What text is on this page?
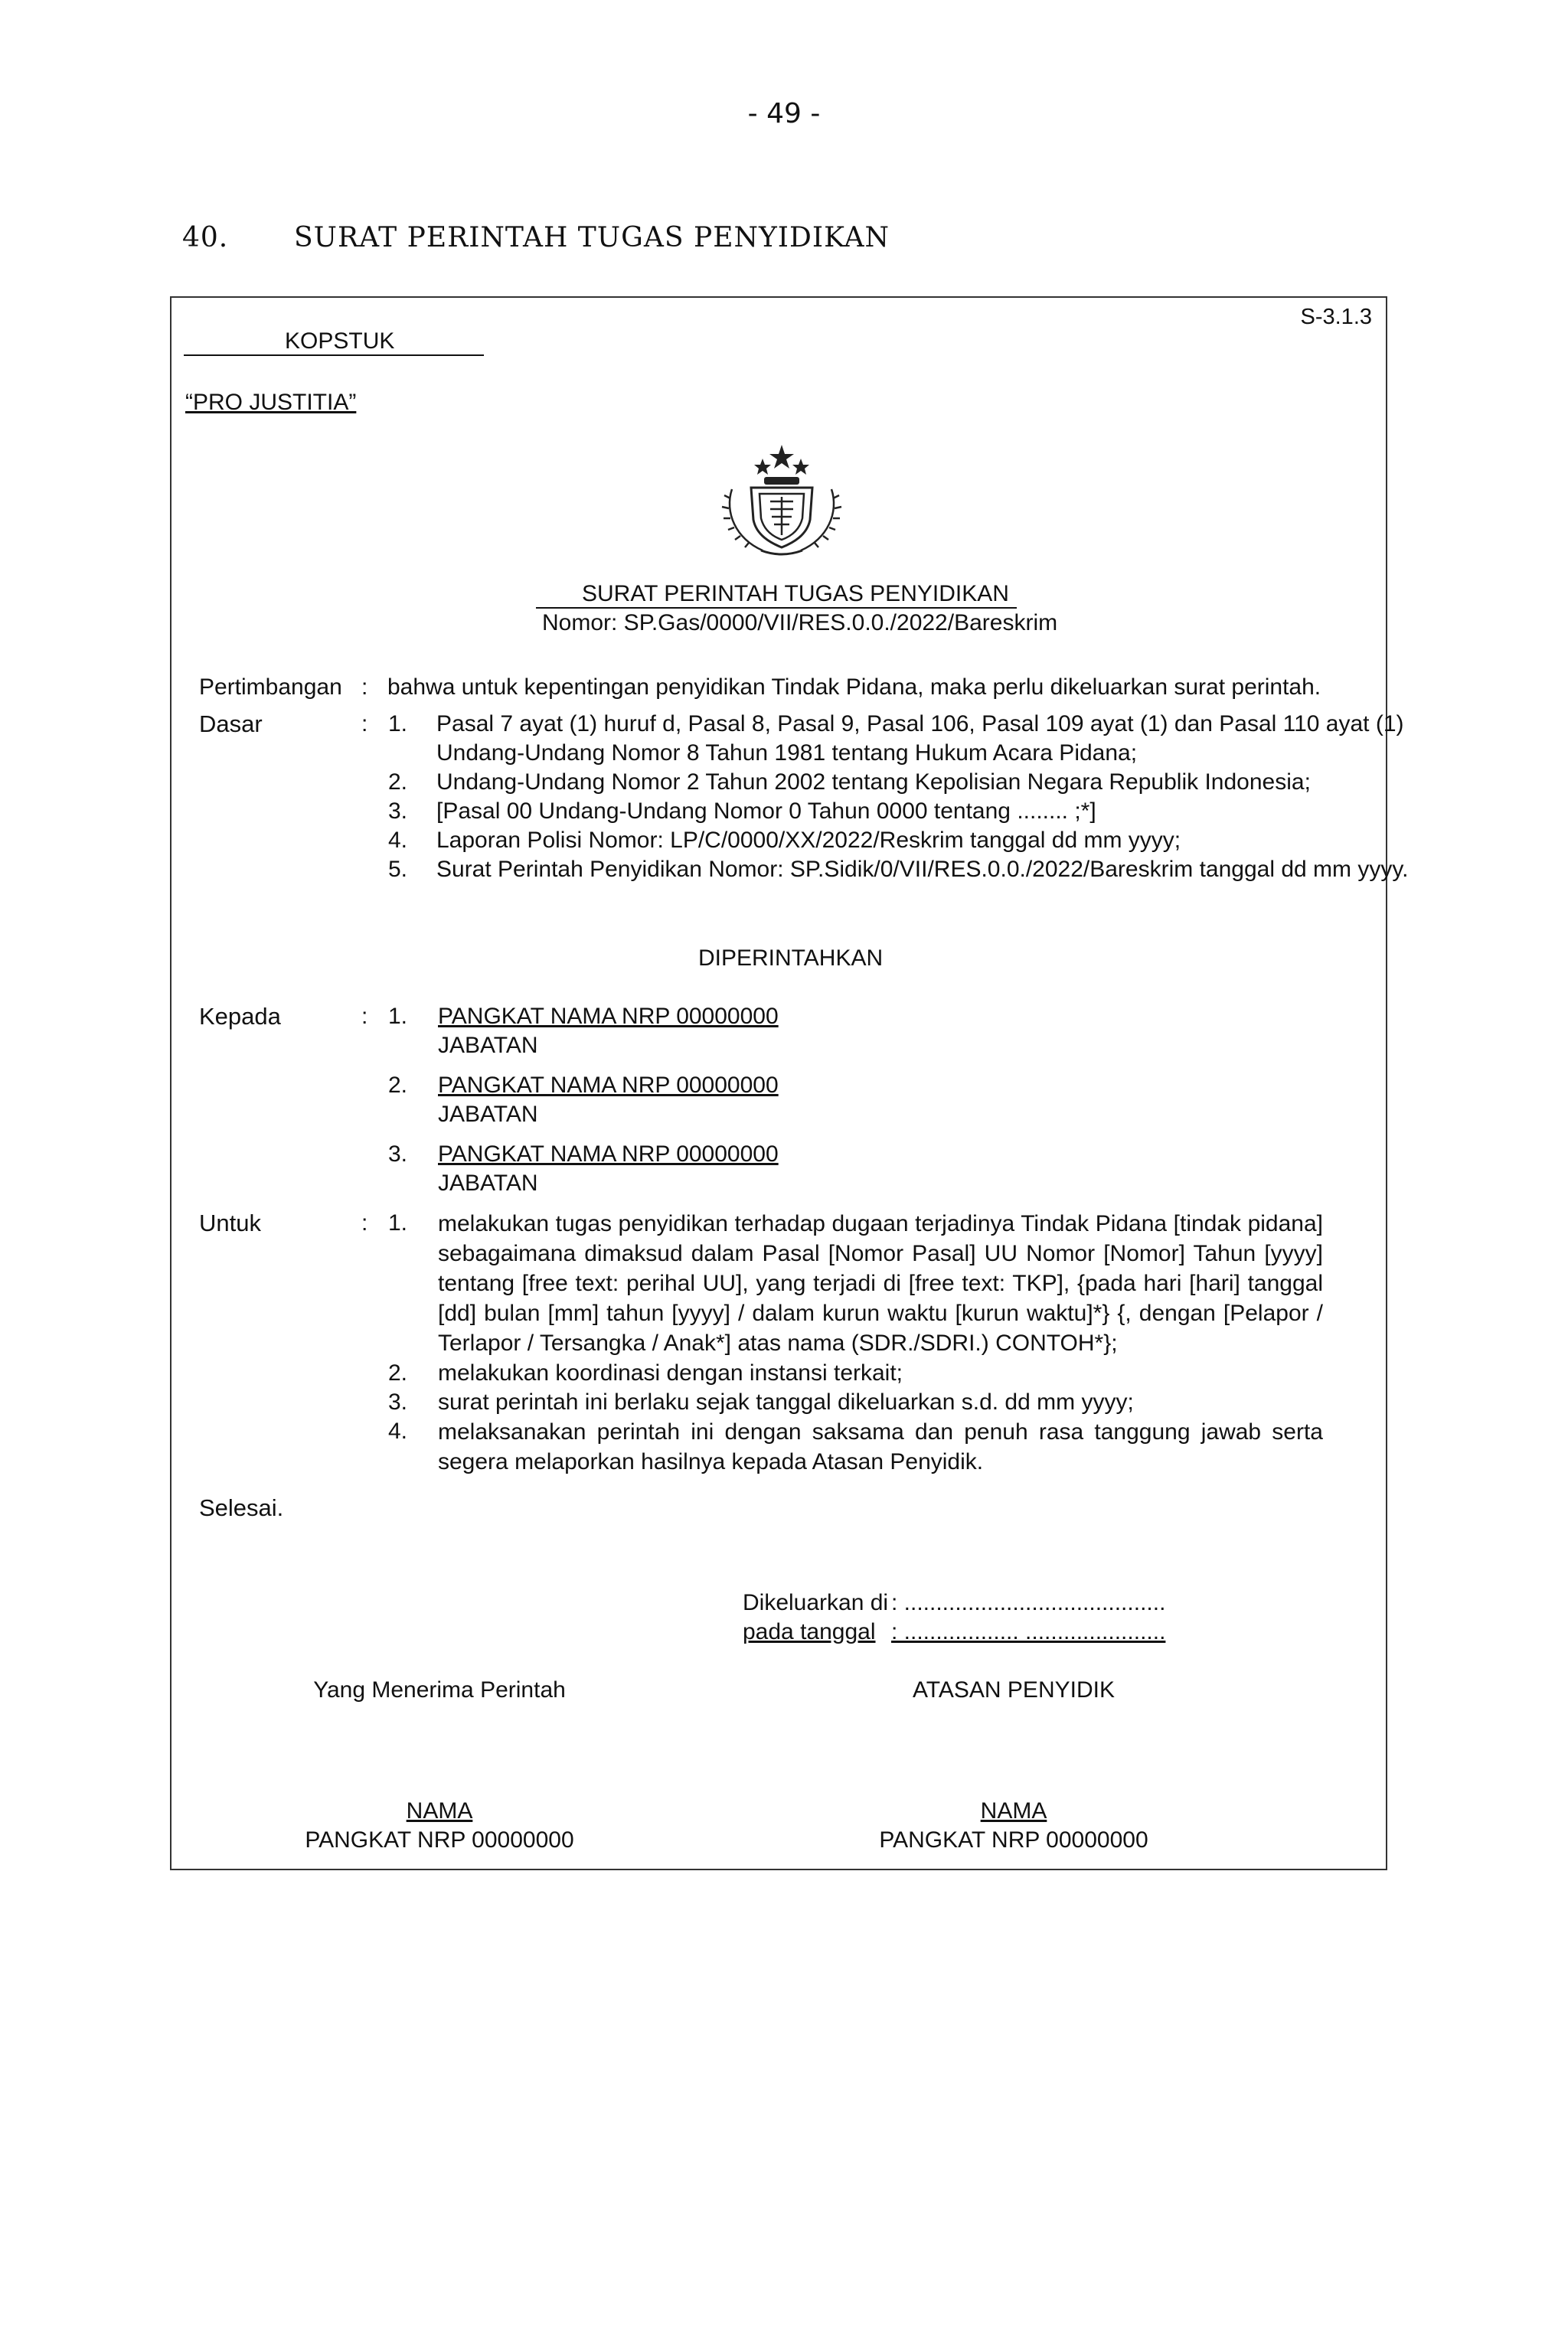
- 49 -
40. SURAT PERINTAH TUGAS PENYIDIKAN
S-3.1.3
KOPSTUK
“PRO JUSTITIA”
SURAT PERINTAH TUGAS PENYIDIKAN
Nomor: SP.Gas/0000/VII/RES.0.0./2022/Bareskrim
Pertimbangan : bahwa untuk kepentingan penyidikan Tindak Pidana, maka perlu dikeluarkan surat perintah.
Dasar	: 1. Pasal 7 ayat (1) huruf d, Pasal 8, Pasal 9, Pasal 106, Pasal 109 ayat (1) dan Pasal 110 ayat (1)
Undang-Undang Nomor 8 Tahun 1981 tentang Hukum Acara Pidana;
2. Undang-Undang Nomor 2 Tahun 2002 tentang Kepolisian Negara Republik Indonesia;
3. [Pasal 00 Undang-Undang Nomor 0 Tahun 0000 tentang ........ ;*]
4. Laporan Polisi Nomor: LP/C/0000/XX/2022/Reskrim tanggal dd mm yyyy;
5. Surat Perintah Penyidikan Nomor: SP.Sidik/0/VII/RES.0.0./2022/Bareskrim tanggal dd mm yyyy.
DIPERINTAHKAN
Kepada	: 1. PANGKAT NAMA NRP 00000000
JABATAN
2. PANGKAT NAMA NRP 00000000
JABATAN
3. PANGKAT NAMA NRP 00000000
JABATAN
Untuk	: 1. melakukan tugas penyidikan terhadap dugaan terjadinya Tindak Pidana [tindak pidana] sebagaimana dimaksud dalam Pasal [Nomor Pasal] UU Nomor [Nomor] Tahun [yyyy] tentang [free text: perihal UU], yang terjadi di [free text: TKP], {pada hari [hari] tanggal [dd] bulan [mm] tahun [yyyy] / dalam kurun waktu [kurun waktu]*} {, dengan [Pelapor / Terlapor / Tersangka / Anak*] atas nama (SDR./SDRI.) CONTOH*};
2. melakukan koordinasi dengan instansi terkait;
3. surat perintah ini berlaku sejak tanggal dikeluarkan s.d. dd mm yyyy;
4. melaksanakan perintah ini dengan saksama dan penuh rasa tanggung jawab serta segera melaporkan hasilnya kepada Atasan Penyidik.
Selesai.
Dikeluarkan di : .........................................
pada tanggal : .................. ......................
Yang Menerima Perintah
NAMA
PANGKAT NRP 00000000
ATASAN PENYIDIK
NAMA
PANGKAT NRP 00000000
